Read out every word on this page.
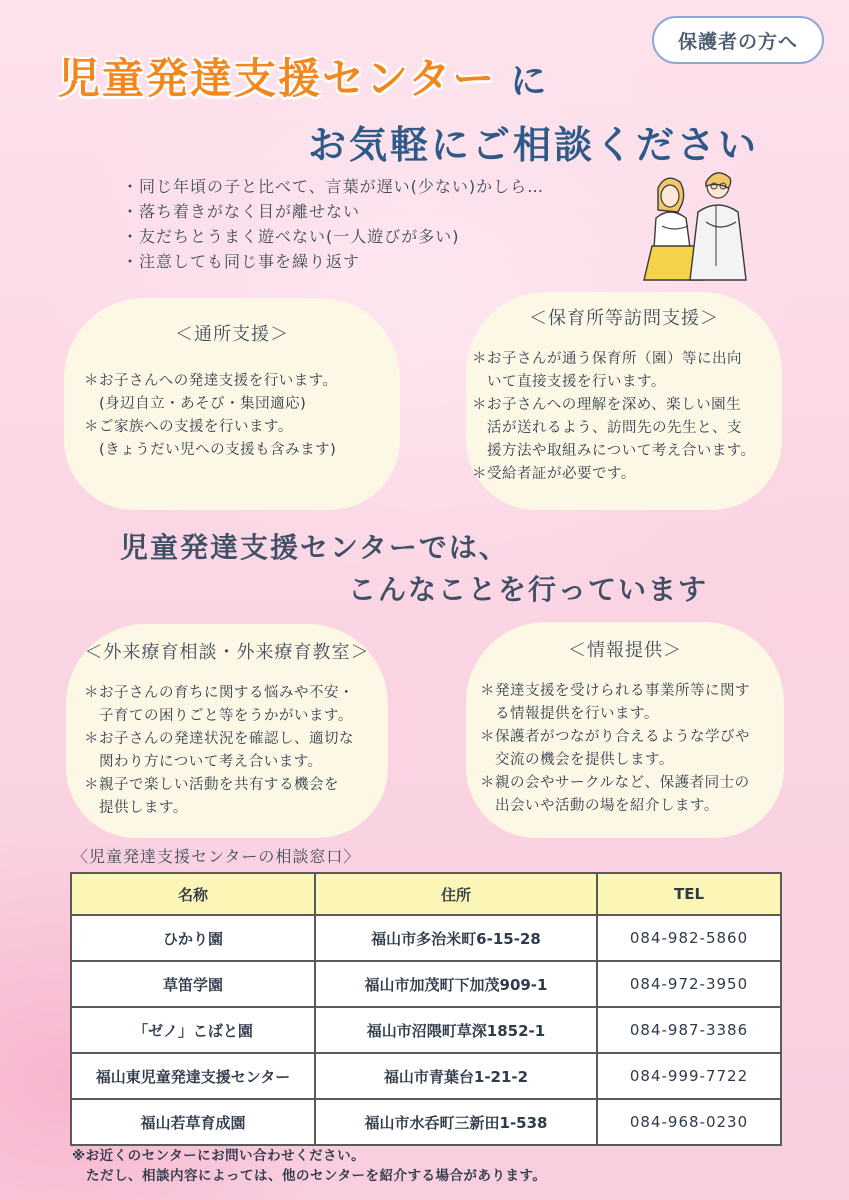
保護者の方へ
児童発達支援センター に
お気軽にご相談ください
・同じ年頃の子と比べて、言葉が遅い(少ない)かしら…
・落ち着きがなく目が離せない
・友だちとうまく遊べない(一人遊びが多い)
・注意しても同じ事を繰り返す
＜通所支援＞
＊お子さんへの発達支援を行います。
　(身辺自立・あそび・集団適応)
＊ご家族への支援を行います。
　(きょうだい児への支援も含みます)
＜保育所等訪問支援＞
＊お子さんが通う保育所（園）等に出向
　いて直接支援を行います。
＊お子さんへの理解を深め、楽しい園生
　活が送れるよう、訪問先の先生と、支
　援方法や取組みについて考え合います。
＊受給者証が必要です。
児童発達支援センターでは、
こんなことを行っています
＜外来療育相談・外来療育教室＞
＊お子さんの育ちに関する悩みや不安・
　子育ての困りごと等をうかがいます。
＊お子さんの発達状況を確認し、適切な
　関わり方について考え合います。
＊親子で楽しい活動を共有する機会を
　提供します。
＜情報提供＞
＊発達支援を受けられる事業所等に関す
　る情報提供を行います。
＊保護者がつながり合えるような学びや
　交流の機会を提供します。
＊親の会やサークルなど、保護者同士の
　出会いや活動の場を紹介します。
〈児童発達支援センターの相談窓口〉
名称	住所	TEL
ひかり園	福山市多治米町6-15-28	084-982-5860
草笛学園	福山市加茂町下加茂909-1	084-972-3950
「ゼノ」こばと園	福山市沼隈町草深1852-1	084-987-3386
福山東児童発達支援センター	福山市青葉台1-21-2	084-999-7722
福山若草育成園	福山市水呑町三新田1-538	084-968-0230
※お近くのセンターにお問い合わせください。
　ただし、相談内容によっては、他のセンターを紹介する場合があります。
